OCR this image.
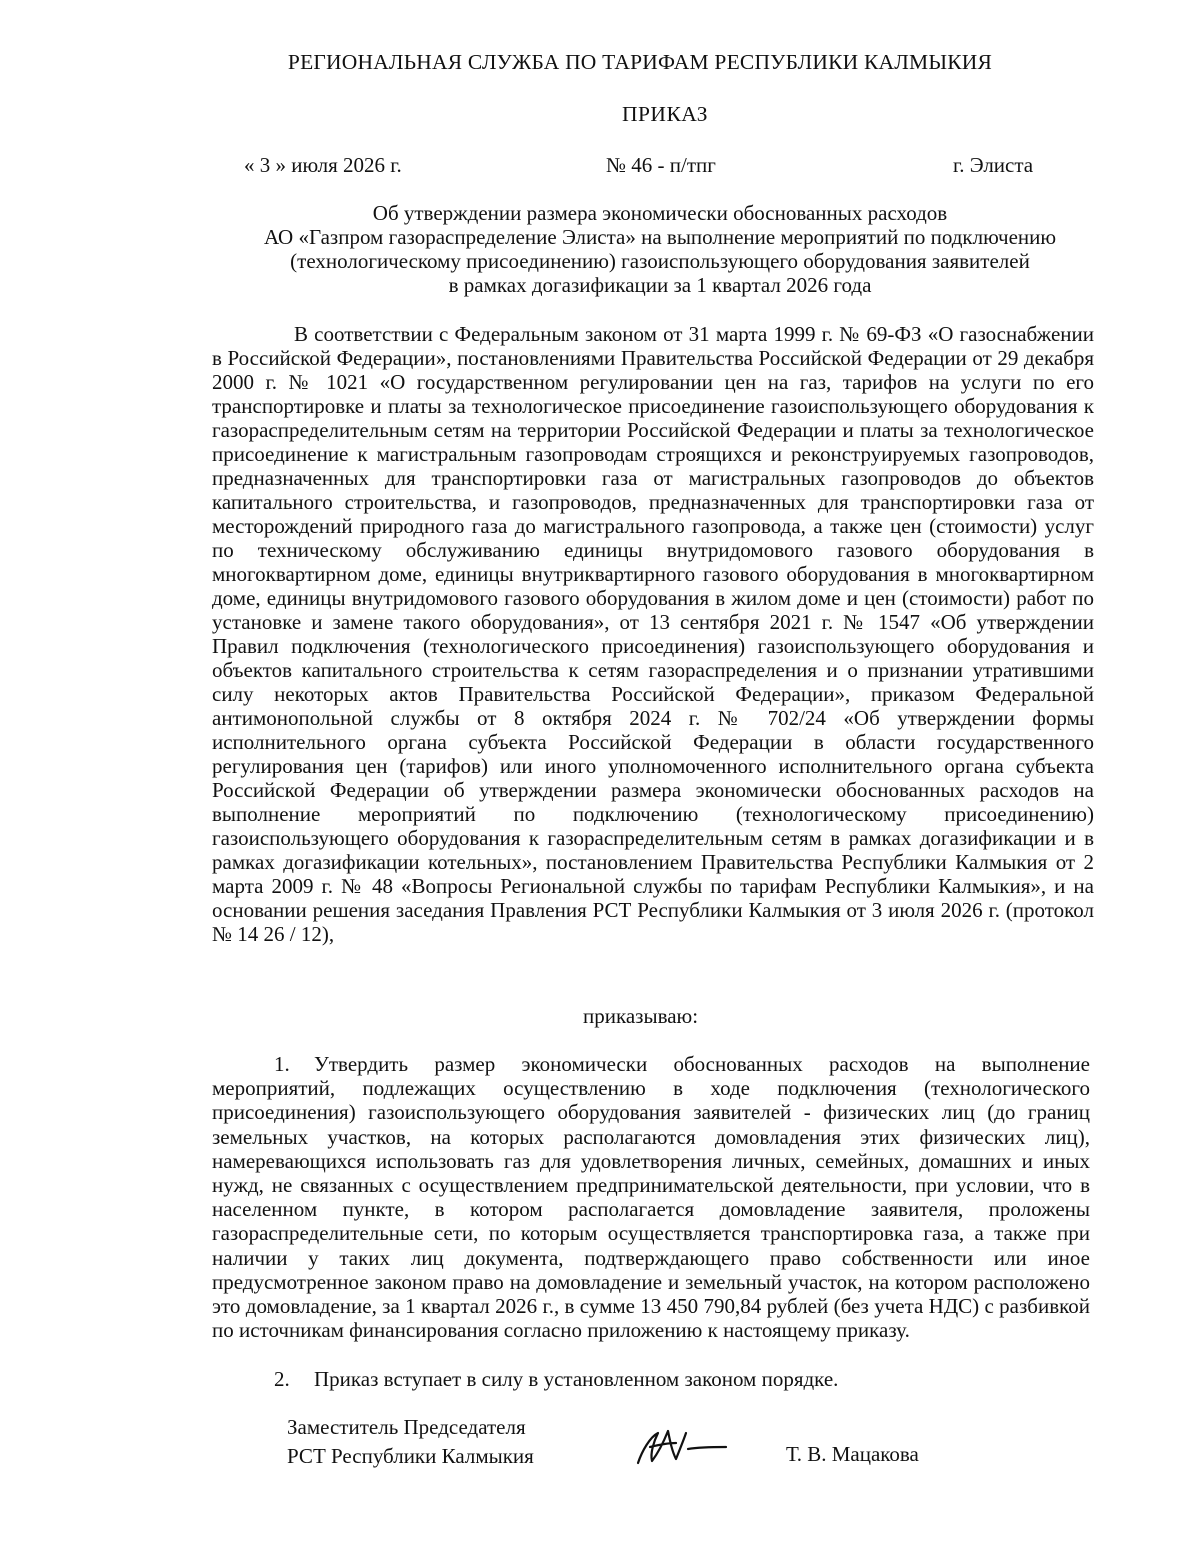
РЕГИОНАЛЬНАЯ СЛУЖБА ПО ТАРИФАМ РЕСПУБЛИКИ КАЛМЫКИЯ
ПРИКАЗ
« 3 » июля 2026 г.	№ 46 - п/тпг	г. Элиста
Об утверждении размера экономически обоснованных расходов
АО «Газпром газораспределение Элиста» на выполнение мероприятий по подключению
(технологическому присоединению) газоиспользующего оборудования заявителей
в рамках догазификации за 1 квартал 2026 года
В соответствии с Федеральным законом от 31 марта 1999 г. № 69-ФЗ «О газоснабжении в Российской Федерации», постановлениями Правительства Российской Федерации от 29 декабря 2000 г. № 1021 «О государственном регулировании цен на газ, тарифов на услуги по его транспортировке и платы за технологическое присоединение газоиспользующего оборудования к газораспределительным сетям на территории Российской Федерации и платы за технологическое присоединение к магистральным газопроводам строящихся и реконструируемых газопроводов, предназначенных для транспортировки газа от магистральных газопроводов до объектов капитального строительства, и газопроводов, предназначенных для транспортировки газа от месторождений природного газа до магистрального газопровода, а также цен (стоимости) услуг по техническому обслуживанию единицы внутридомового газового оборудования в многоквартирном доме, единицы внутриквартирного газового оборудования в многоквартирном доме, единицы внутридомового газового оборудования в жилом доме и цен (стоимости) работ по установке и замене такого оборудования», от 13 сентября 2021 г. № 1547 «Об утверждении Правил подключения (технологического присоединения) газоиспользующего оборудования и объектов капитального строительства к сетям газораспределения и о признании утратившими силу некоторых актов Правительства Российской Федерации», приказом Федеральной антимонопольной службы от 8 октября 2024 г. № 702/24 «Об утверждении формы исполнительного органа субъекта Российской Федерации в области государственного регулирования цен (тарифов) или иного уполномоченного исполнительного органа субъекта Российской Федерации об утверждении размера экономически обоснованных расходов на выполнение мероприятий по подключению (технологическому присоединению) газоиспользующего оборудования к газораспределительным сетям в рамках догазификации и в рамках догазификации котельных», постановлением Правительства Республики Калмыкия от 2 марта 2009 г. № 48 «Вопросы Региональной службы по тарифам Республики Калмыкия», и на основании решения заседания Правления РСТ Республики Калмыкия от 3 июля 2026 г. (протокол № 14 26 / 12),
приказываю:
1. Утвердить размер экономически обоснованных расходов на выполнение мероприятий, подлежащих осуществлению в ходе подключения (технологического присоединения) газоиспользующего оборудования заявителей - физических лиц (до границ земельных участков, на которых располагаются домовладения этих физических лиц), намеревающихся использовать газ для удовлетворения личных, семейных, домашних и иных нужд, не связанных с осуществлением предпринимательской деятельности, при условии, что в населенном пункте, в котором располагается домовладение заявителя, проложены газораспределительные сети, по которым осуществляется транспортировка газа, а также при наличии у таких лиц документа, подтверждающего право собственности или иное предусмотренное законом право на домовладение и земельный участок, на котором расположено это домовладение, за 1 квартал 2026 г., в сумме 13 450 790,84 рублей (без учета НДС) с разбивкой по источникам финансирования согласно приложению к настоящему приказу.
2. Приказ вступает в силу в установленном законом порядке.
Заместитель Председателя
РСТ Республики Калмыкия	Т. В. Мацакова
